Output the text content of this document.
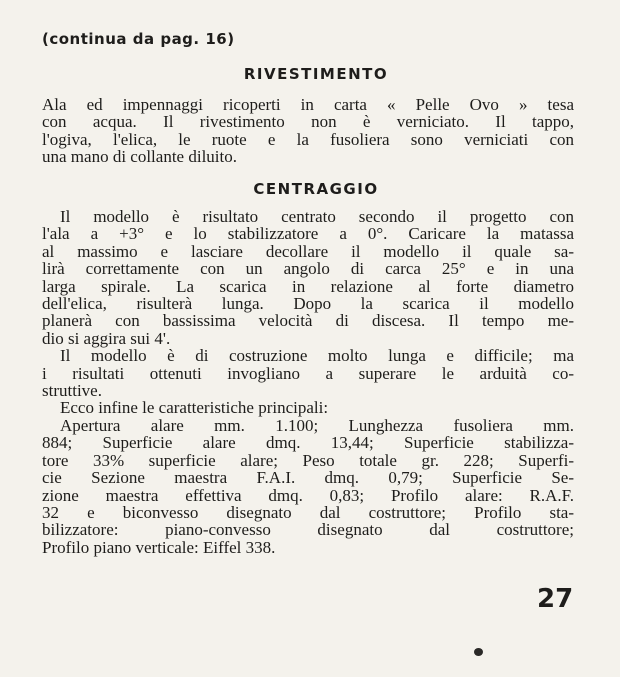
(continua da pag. 16)
RIVESTIMENTO
Ala ed impennaggi ricoperti in carta « Pelle Ovo » tesa
con acqua. Il rivestimento non è verniciato. Il tappo,
l'ogiva, l'elica, le ruote e la fusoliera sono verniciati con
una mano di collante diluito.
CENTRAGGIO
Il modello è risultato centrato secondo il progetto con
l'ala a +3° e lo stabilizzatore a 0°. Caricare la matassa
al massimo e lasciare decollare il modello il quale sa-
lirà correttamente con un angolo di carca 25° e in una
larga spirale. La scarica in relazione al forte diametro
dell'elica, risulterà lunga. Dopo la scarica il modello
planerà con bassissima velocità di discesa. Il tempo me-
dio si aggira sui 4'.
Il modello è di costruzione molto lunga e difficile; ma
i risultati ottenuti invogliano a superare le arduità co-
struttive.
Ecco infine le caratteristiche principali:
Apertura alare mm. 1.100; Lunghezza fusoliera mm.
884; Superficie alare dmq. 13,44; Superficie stabilizza-
tore 33% superficie alare; Peso totale gr. 228; Superfi-
cie Sezione maestra F.A.I. dmq. 0,79; Superficie Se-
zione maestra effettiva dmq. 0,83; Profilo alare: R.A.F.
32 e biconvesso disegnato dal costruttore; Profilo sta-
bilizzatore: piano-convesso disegnato dal costruttore;
Profilo piano verticale: Eiffel 338.
27
